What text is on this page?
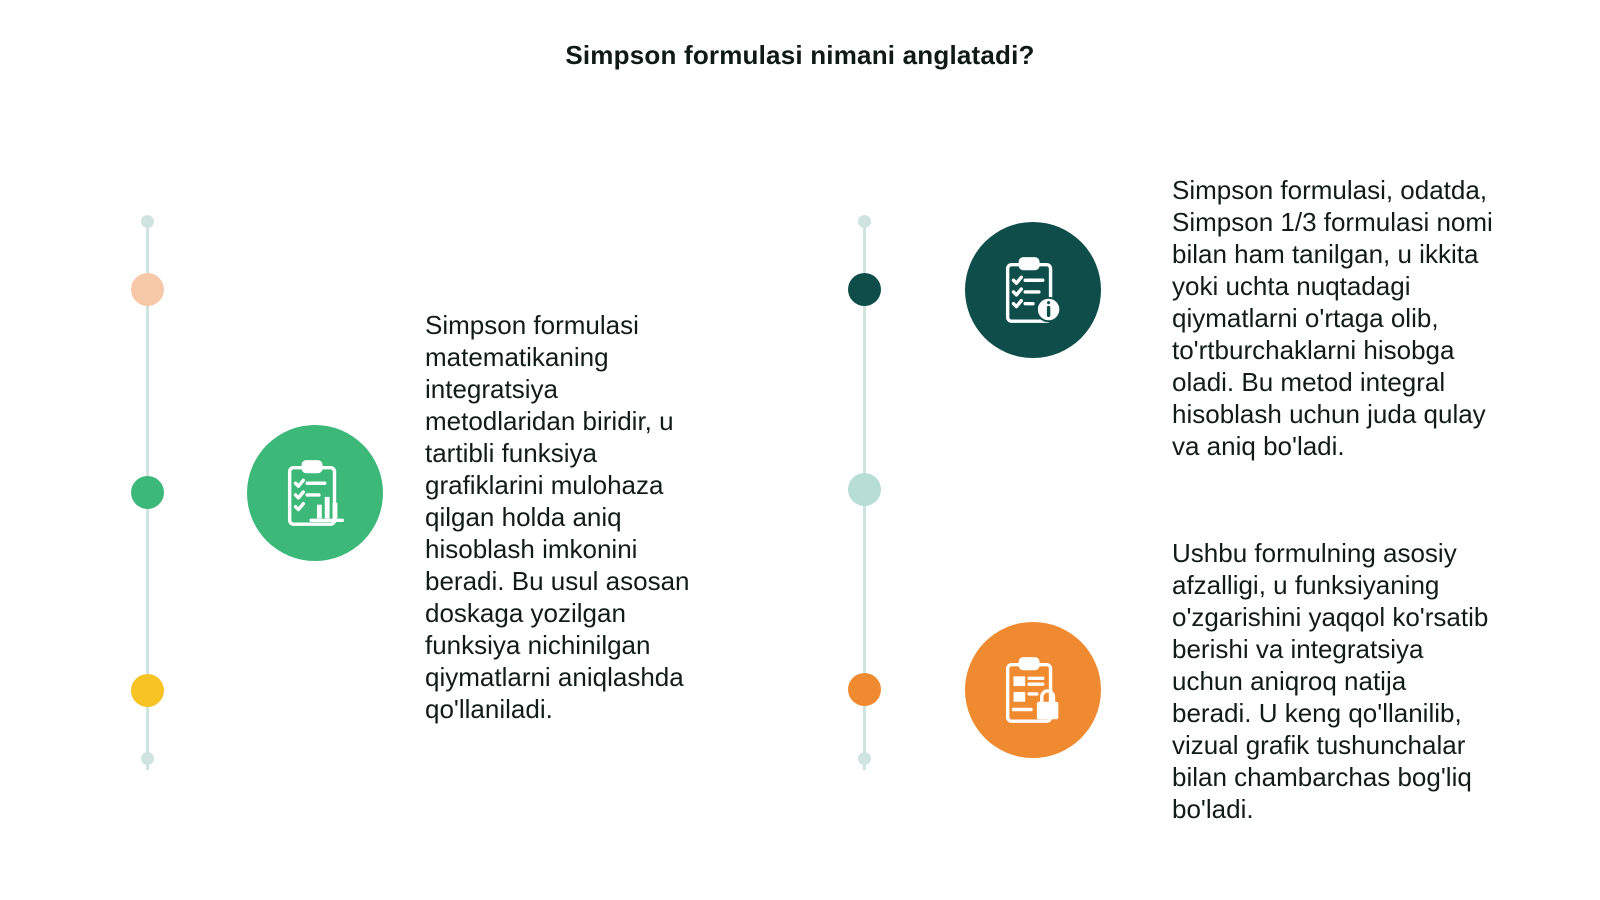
Simpson formulasi nimani anglatadi?
Simpson formulasi
matematikaning
integratsiya
metodlaridan biridir, u
tartibli funksiya
grafiklarini mulohaza
qilgan holda aniq
hisoblash imkonini
beradi. Bu usul asosan
doskaga yozilgan
funksiya nichinilgan
qiymatlarni aniqlashda
qo'llaniladi.
Simpson formulasi, odatda,
Simpson 1/3 formulasi nomi
bilan ham tanilgan, u ikkita
yoki uchta nuqtadagi
qiymatlarni o'rtaga olib,
to'rtburchaklarni hisobga
oladi. Bu metod integral
hisoblash uchun juda qulay
va aniq bo'ladi.
Ushbu formulning asosiy
afzalligi, u funksiyaning
o'zgarishini yaqqol ko'rsatib
berishi va integratsiya
uchun aniqroq natija
beradi. U keng qo'llanilib,
vizual grafik tushunchalar
bilan chambarchas bog'liq
bo'ladi.
